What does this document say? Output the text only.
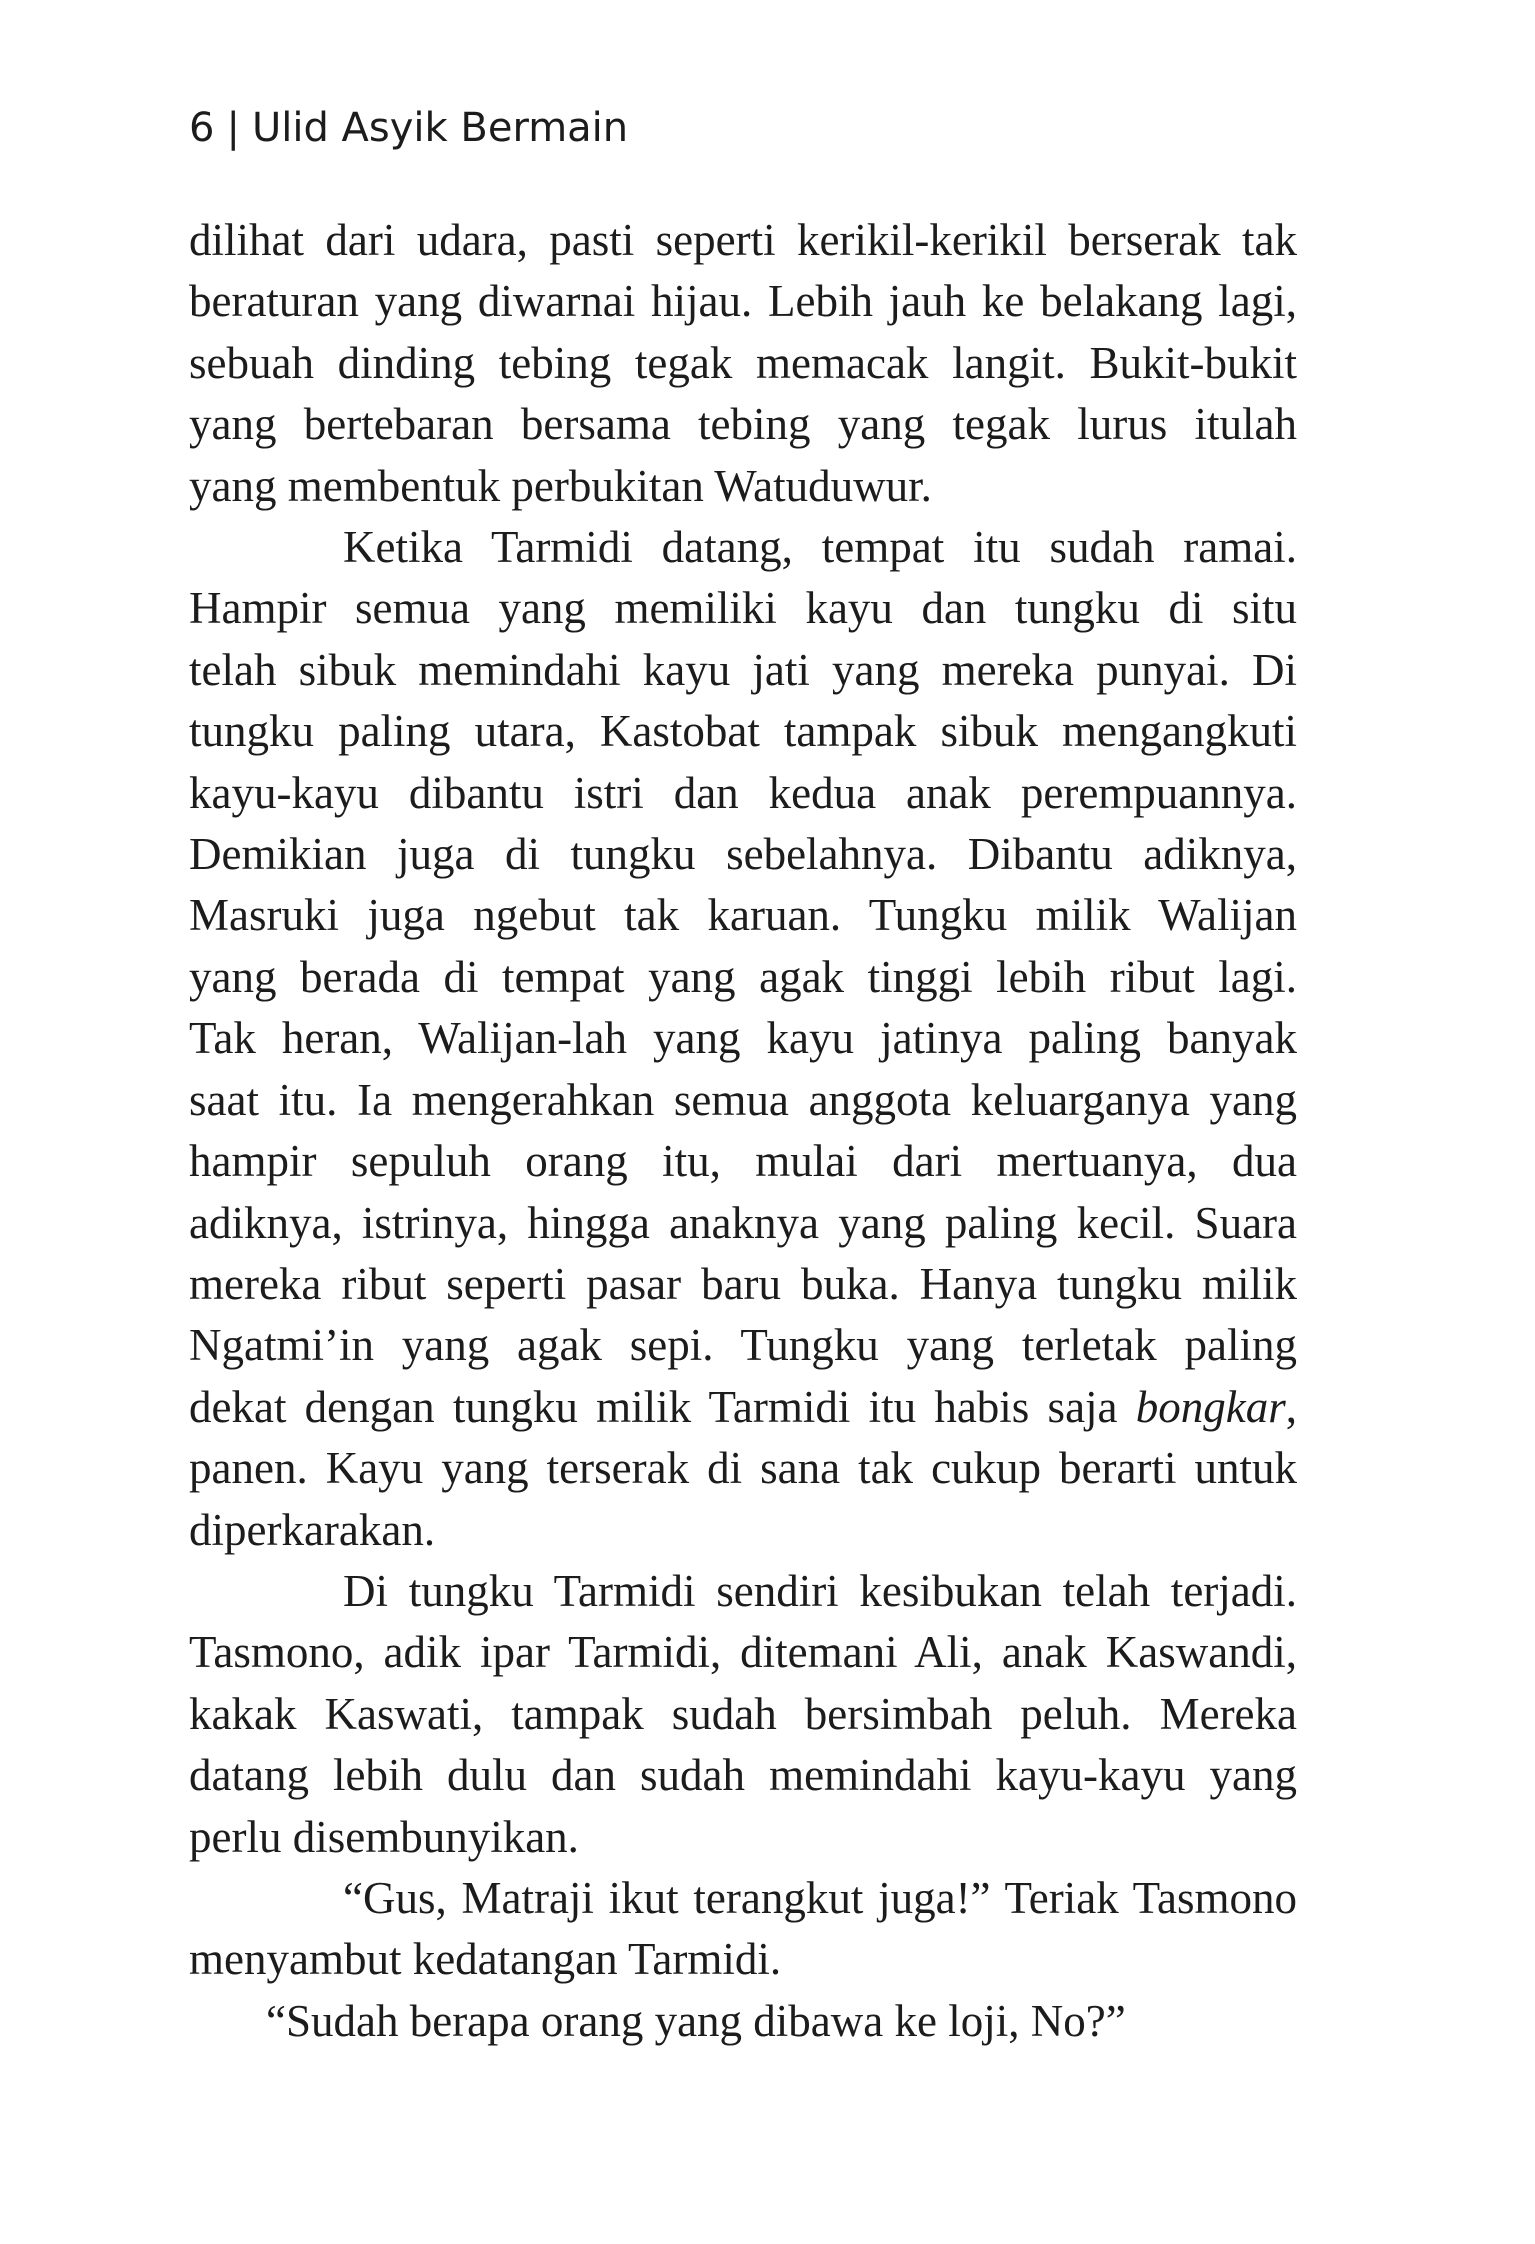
6 | Ulid Asyik Bermain
dilihat dari udara, pasti seperti kerikil-kerikil berserak tak
beraturan yang diwarnai hijau. Lebih jauh ke belakang lagi,
sebuah dinding tebing tegak memacak langit. Bukit-bukit
yang bertebaran bersama tebing yang tegak lurus itulah
yang membentuk perbukitan Watuduwur.
Ketika Tarmidi datang, tempat itu sudah ramai.
Hampir semua yang memiliki kayu dan tungku di situ
telah sibuk memindahi kayu jati yang mereka punyai. Di
tungku paling utara, Kastobat tampak sibuk mengangkuti
kayu-kayu dibantu istri dan kedua anak perempuannya.
Demikian juga di tungku sebelahnya. Dibantu adiknya,
Masruki juga ngebut tak karuan. Tungku milik Walijan
yang berada di tempat yang agak tinggi lebih ribut lagi.
Tak heran, Walijan-lah yang kayu jatinya paling banyak
saat itu. Ia mengerahkan semua anggota keluarganya yang
hampir sepuluh orang itu, mulai dari mertuanya, dua
adiknya, istrinya, hingga anaknya yang paling kecil. Suara
mereka ribut seperti pasar baru buka. Hanya tungku milik
Ngatmi’in yang agak sepi. Tungku yang terletak paling
dekat dengan tungku milik Tarmidi itu habis saja bongkar,
panen. Kayu yang terserak di sana tak cukup berarti untuk
diperkarakan.
Di tungku Tarmidi sendiri kesibukan telah terjadi.
Tasmono, adik ipar Tarmidi, ditemani Ali, anak Kaswandi,
kakak Kaswati, tampak sudah bersimbah peluh. Mereka
datang lebih dulu dan sudah memindahi kayu-kayu yang
perlu disembunyikan.
“Gus, Matraji ikut terangkut juga!” Teriak Tasmono
menyambut kedatangan Tarmidi.
“Sudah berapa orang yang dibawa ke loji, No?”
